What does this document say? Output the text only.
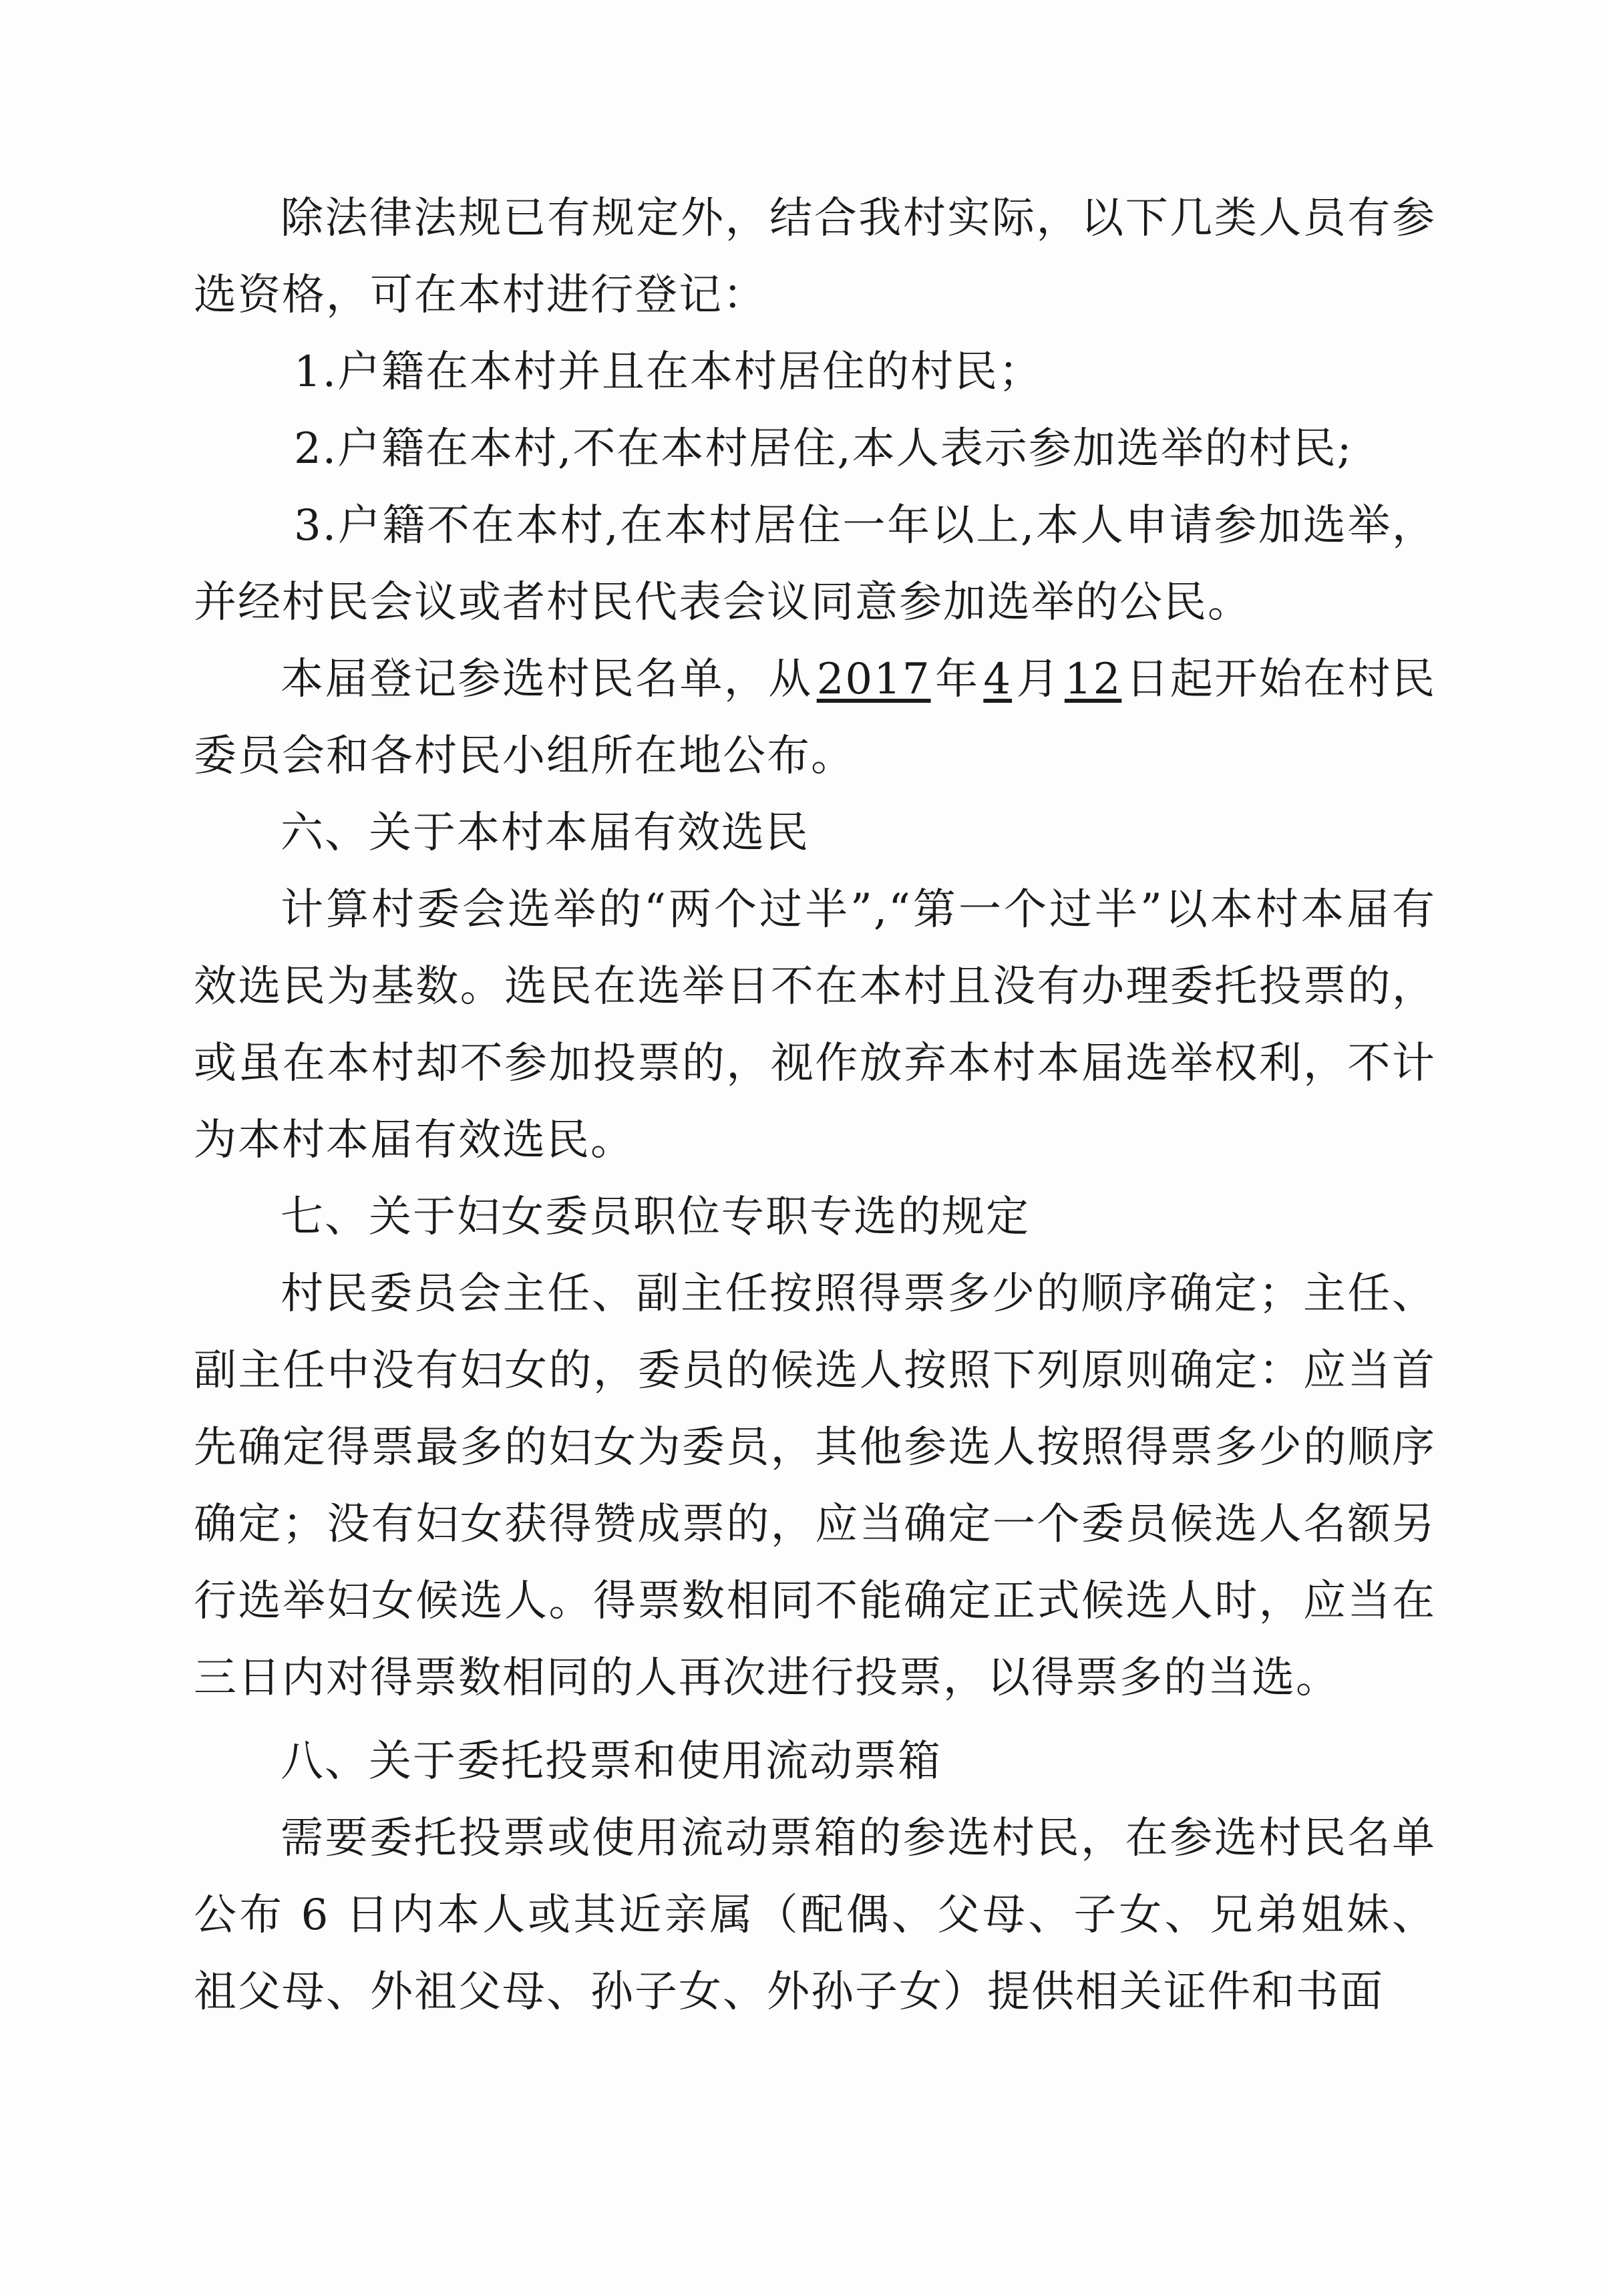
除法律法规已有规定外，结合我村实际，以下几类人员有参选资格，可在本村进行登记：

1.户籍在本村并且在本村居住的村民；

2.户籍在本村,不在本村居住,本人表示参加选举的村民;

3.户籍不在本村,在本村居住一年以上,本人申请参加选举，并经村民会议或者村民代表会议同意参加选举的公民。

本届登记参选村民名单，从2017年4月12日起开始在村民委员会和各村民小组所在地公布。

六、关于本村本届有效选民

计算村委会选举的“两个过半”,“第一个过半”以本村本届有效选民为基数。选民在选举日不在本村且没有办理委托投票的，或虽在本村却不参加投票的，视作放弃本村本届选举权利，不计为本村本届有效选民。

七、关于妇女委员职位专职专选的规定

村民委员会主任、副主任按照得票多少的顺序确定；主任、副主任中没有妇女的，委员的候选人按照下列原则确定：应当首先确定得票最多的妇女为委员，其他参选人按照得票多少的顺序确定；没有妇女获得赞成票的，应当确定一个委员候选人名额另行选举妇女候选人。得票数相同不能确定正式候选人时，应当在三日内对得票数相同的人再次进行投票，以得票多的当选。

八、关于委托投票和使用流动票箱

需要委托投票或使用流动票箱的参选村民，在参选村民名单公布 6 日内本人或其近亲属（配偶、父母、子女、兄弟姐妹、祖父母、外祖父母、孙子女、外孙子女）提供相关证件和书面
